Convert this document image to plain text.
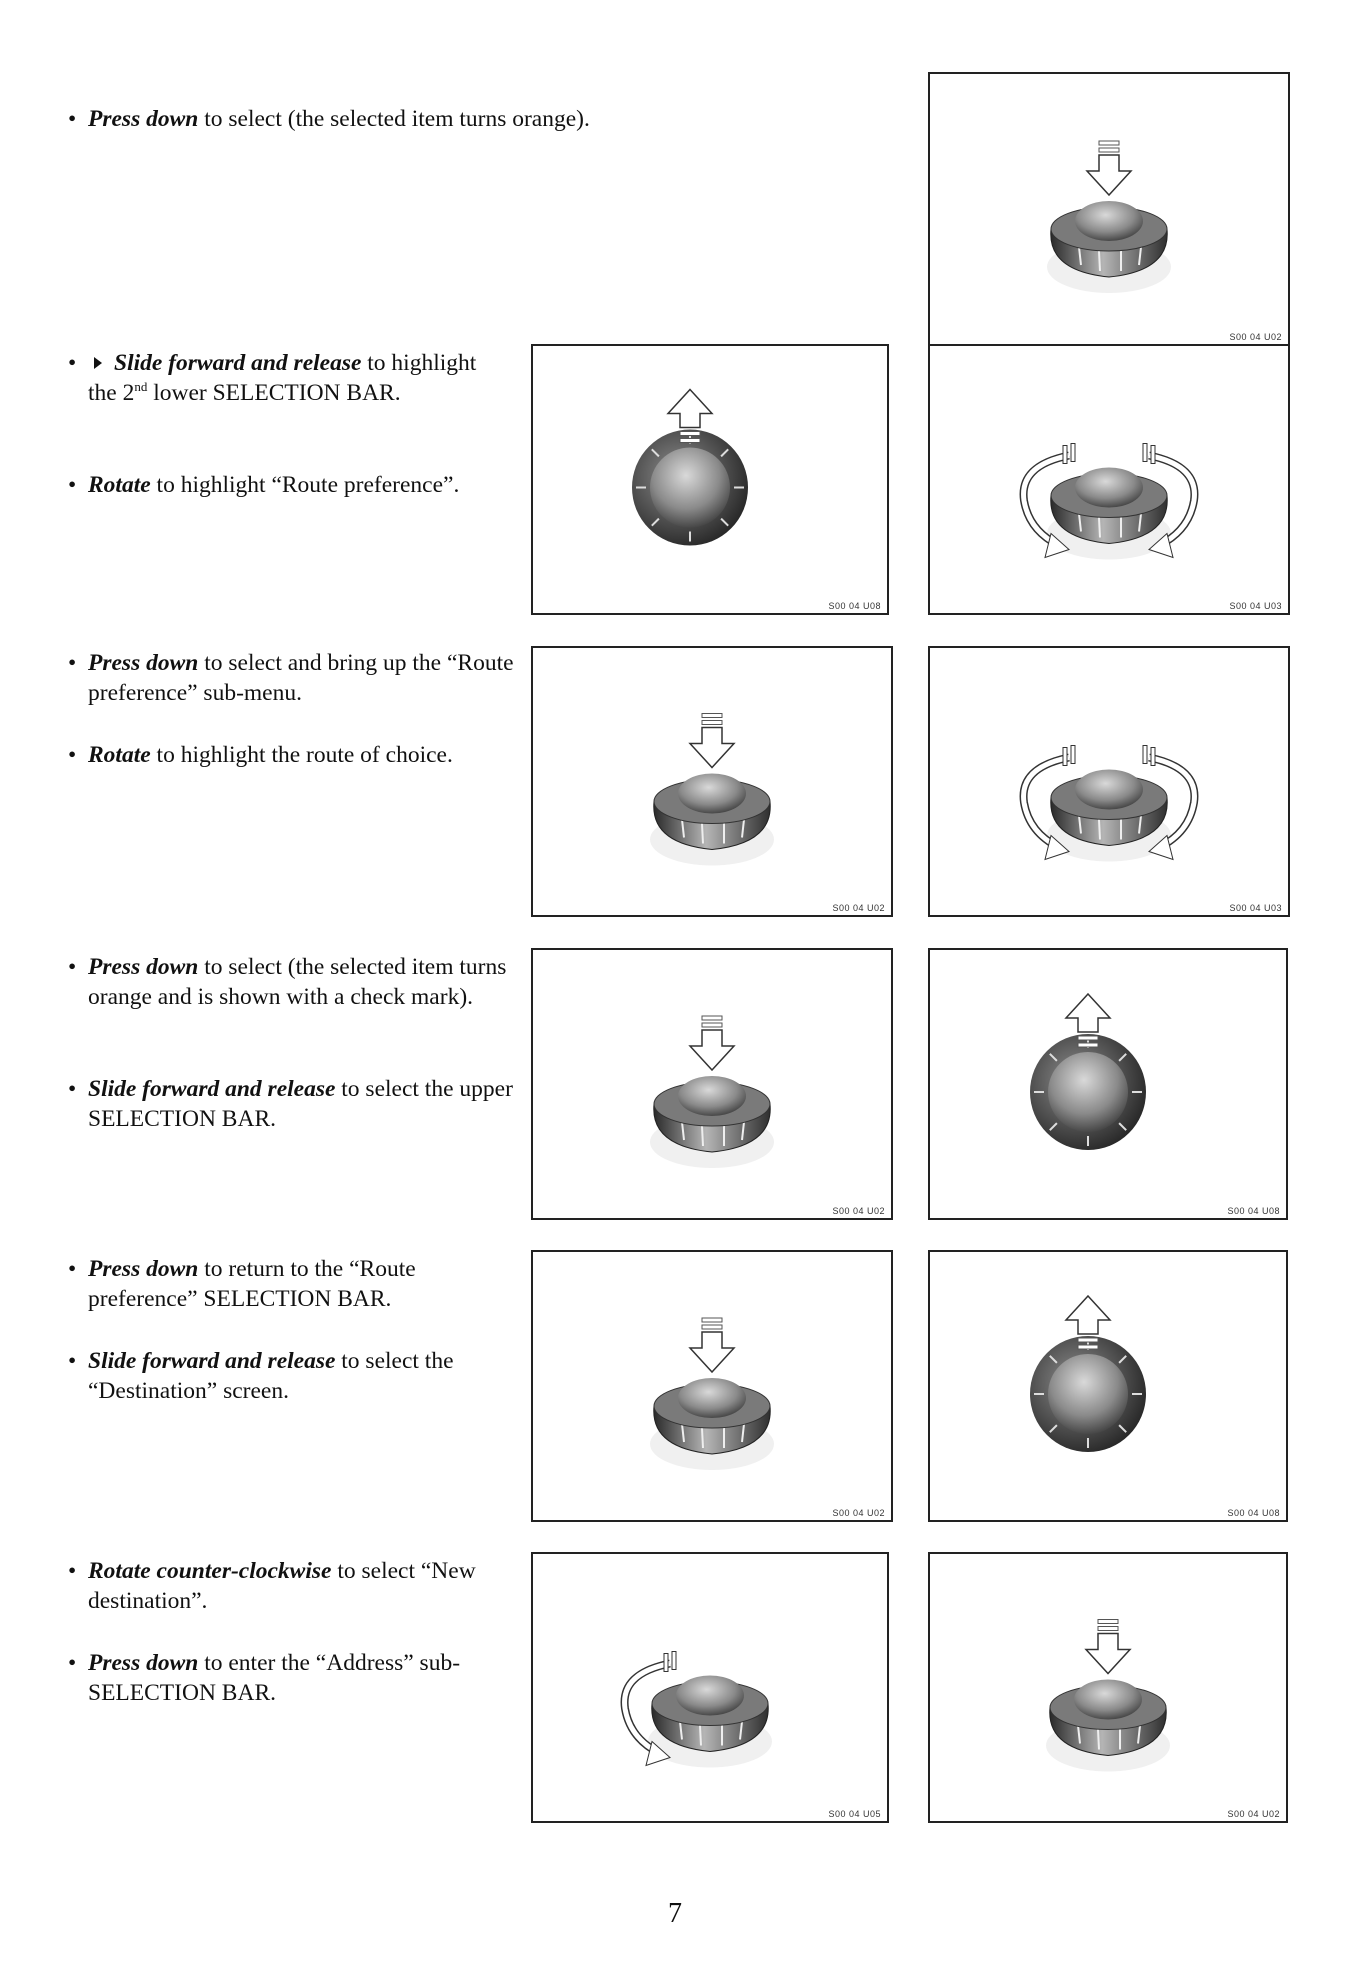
• Press down to select (the selected item turns orange).
S00 04 U02
• Slide forward and release to highlight the 2nd lower SELECTION BAR.
• Rotate to highlight “Route preference”.
S00 04 U08	S00 04 U03
• Press down to select and bring up the “Route preference” sub-menu.
• Rotate to highlight the route of choice.
S00 04 U02	S00 04 U03
• Press down to select (the selected item turns orange and is shown with a check mark).
• Slide forward and release to select the upper SELECTION BAR.
S00 04 U02	S00 04 U08
• Press down to return to the “Route preference” SELECTION BAR.
• Slide forward and release to select the “Destination” screen.
S00 04 U02	S00 04 U08
• Rotate counter-clockwise to select “New destination”.
• Press down to enter the “Address” sub-SELECTION BAR.
S00 04 U05	S00 04 U02
7
